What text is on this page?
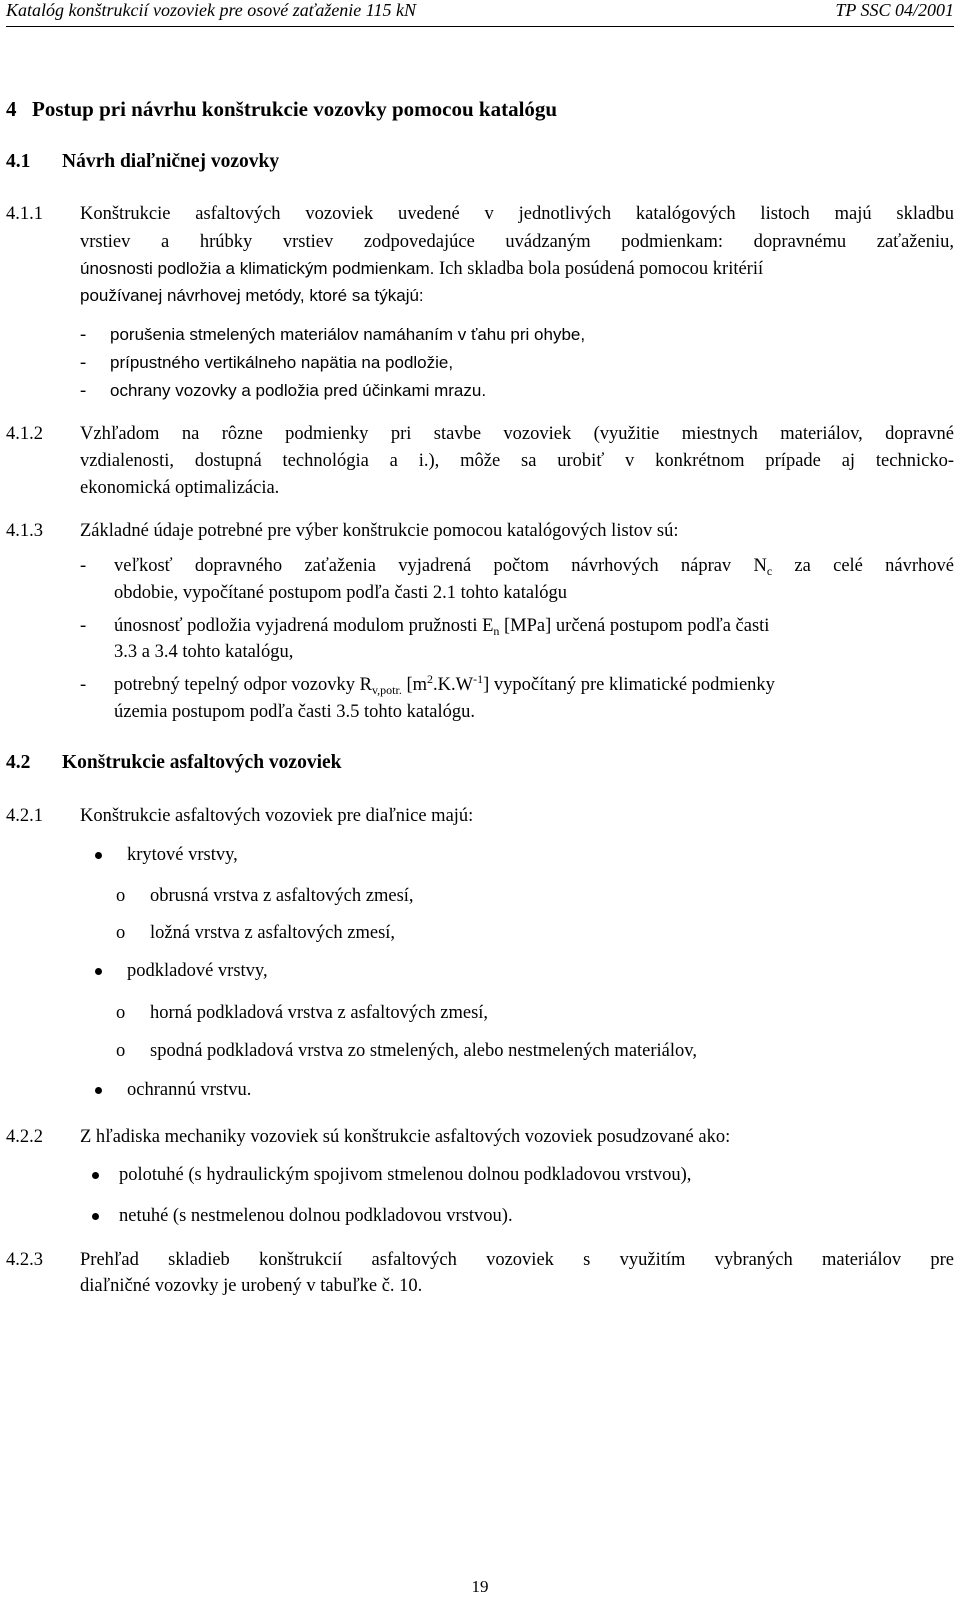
Katalóg konštrukcií vozoviek pre osové zaťaženie 115 kN	TP SSC 04/2001
4 Postup pri návrhu konštrukcie vozovky pomocou katalógu
4.1 Návrh diaľničnej vozovky
4.1.1 Konštrukcie asfaltových vozoviek uvedené v jednotlivých katalógových listoch majú skladbu
vrstiev a hrúbky vrstiev zodpovedajúce uvádzaným podmienkam: dopravnému zaťaženiu,
únosnosti podložia a klimatickým podmienkam. Ich skladba bola posúdená pomocou kritérií
používanej návrhovej metódy, ktoré sa týkajú:
- porušenia stmelených materiálov namáhaním v ťahu pri ohybe,
- prípustného vertikálneho napätia na podložie,
- ochrany vozovky a podložia pred účinkami mrazu.
4.1.2 Vzhľadom na rôzne podmienky pri stavbe vozoviek (využitie miestnych materiálov, dopravné
vzdialenosti, dostupná technológia a i.), môže sa urobiť v konkrétnom prípade aj technicko-
ekonomická optimalizácia.
4.1.3 Základné údaje potrebné pre výber konštrukcie pomocou katalógových listov sú:
- veľkosť dopravného zaťaženia vyjadrená počtom návrhových náprav $N_c$ za celé návrhové
obdobie, vypočítané postupom podľa časti 2.1 tohto katalógu
- únosnosť podložia vyjadrená modulom pružnosti $E_n$ [MPa] určená postupom podľa časti
3.3 a 3.4 tohto katalógu,
- potrebný tepelný odpor vozovky $R_{v,potr.}$ $[m^2.K.W^{-1}]$ vypočítaný pre klimatické podmienky
územia postupom podľa časti 3.5 tohto katalógu.
4.2 Konštrukcie asfaltových vozoviek
4.2.1 Konštrukcie asfaltových vozoviek pre diaľnice majú:
krytové vrstvy,
o obrusná vrstva z asfaltových zmesí,
o ložná vrstva z asfaltových zmesí,
podkladové vrstvy,
o horná podkladová vrstva z asfaltových zmesí,
o spodná podkladová vrstva zo stmelených, alebo nestmelených materiálov,
ochrannú vrstvu.
4.2.2 Z hľadiska mechaniky vozoviek sú konštrukcie asfaltových vozoviek posudzované ako:
polotuhé (s hydraulickým spojivom stmelenou dolnou podkladovou vrstvou),
netuhé (s nestmelenou dolnou podkladovou vrstvou).
4.2.3 Prehľad skladieb konštrukcií asfaltových vozoviek s využitím vybraných materiálov pre
diaľničné vozovky je urobený v tabuľke č. 10.
19
